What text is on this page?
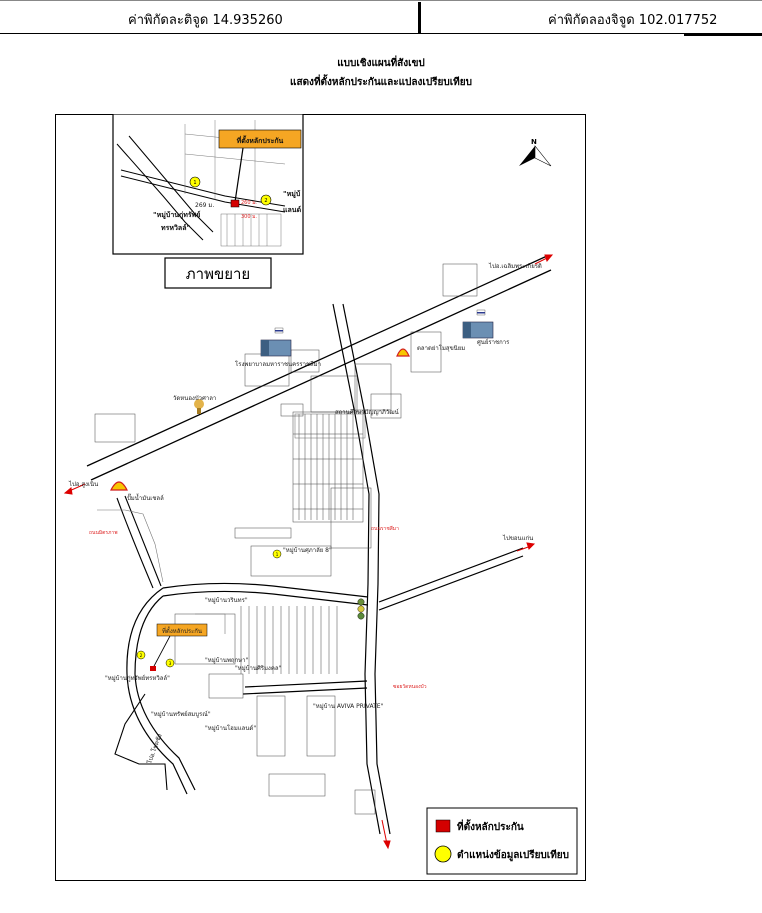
ค่าพิกัดละติจูด 14.935260	ค่าพิกัดลองจิจูด 102.017752
แบบเชิงแผนที่สังเขป
แสดงที่ตั้งหลักประกันและแปลงเปรียบเทียบ
ที่ตั้งหลักประกัน
1
2
269 ม.	260 ม.
300 ม.
"หมู่บ้านกู่ทรัพย์
ทรหวิลล์"
"หมู่บ้
แลนด์
ภาพขยาย
N
ที่ตั้งหลักประกัน
1
2
3
ตลาดย่าโมสุขนิยม
โรงพยาบาลมหาราชนครราชสีมา
ศูนย์ราชการ
สถานศึกษาปัญญาภิวัฒน์
วัดหนองบัวศาลา
ปั๊มน้ำมันเชลล์
ไปอ.เฉลิมพระเกียรติ
ไปอ.สูงเนิน
ไปขอนแก่น
"หมู่บ้านศุภาลัย 8"
"หมู่บ้านวรินทร"
"หมู่บ้านศิริมงคล"
"หมู่บ้าน AVIVA PRIVATE"
"หมู่บ้านพฤกษา"
"หมู่บ้านกู่ทรัพย์ทรหวิลล์"
"หมู่บ้านทรัพย์สมบูรณ์"
"หมู่บ้านโฮมแลนด์"
ถนนมิตรภาพ
ถนนราชสีมา
ซอยวัดหนองบัว
ไปอ.โชคชัย
ที่ตั้งหลักประกัน
ตำแหน่งข้อมูลเปรียบเทียบ
